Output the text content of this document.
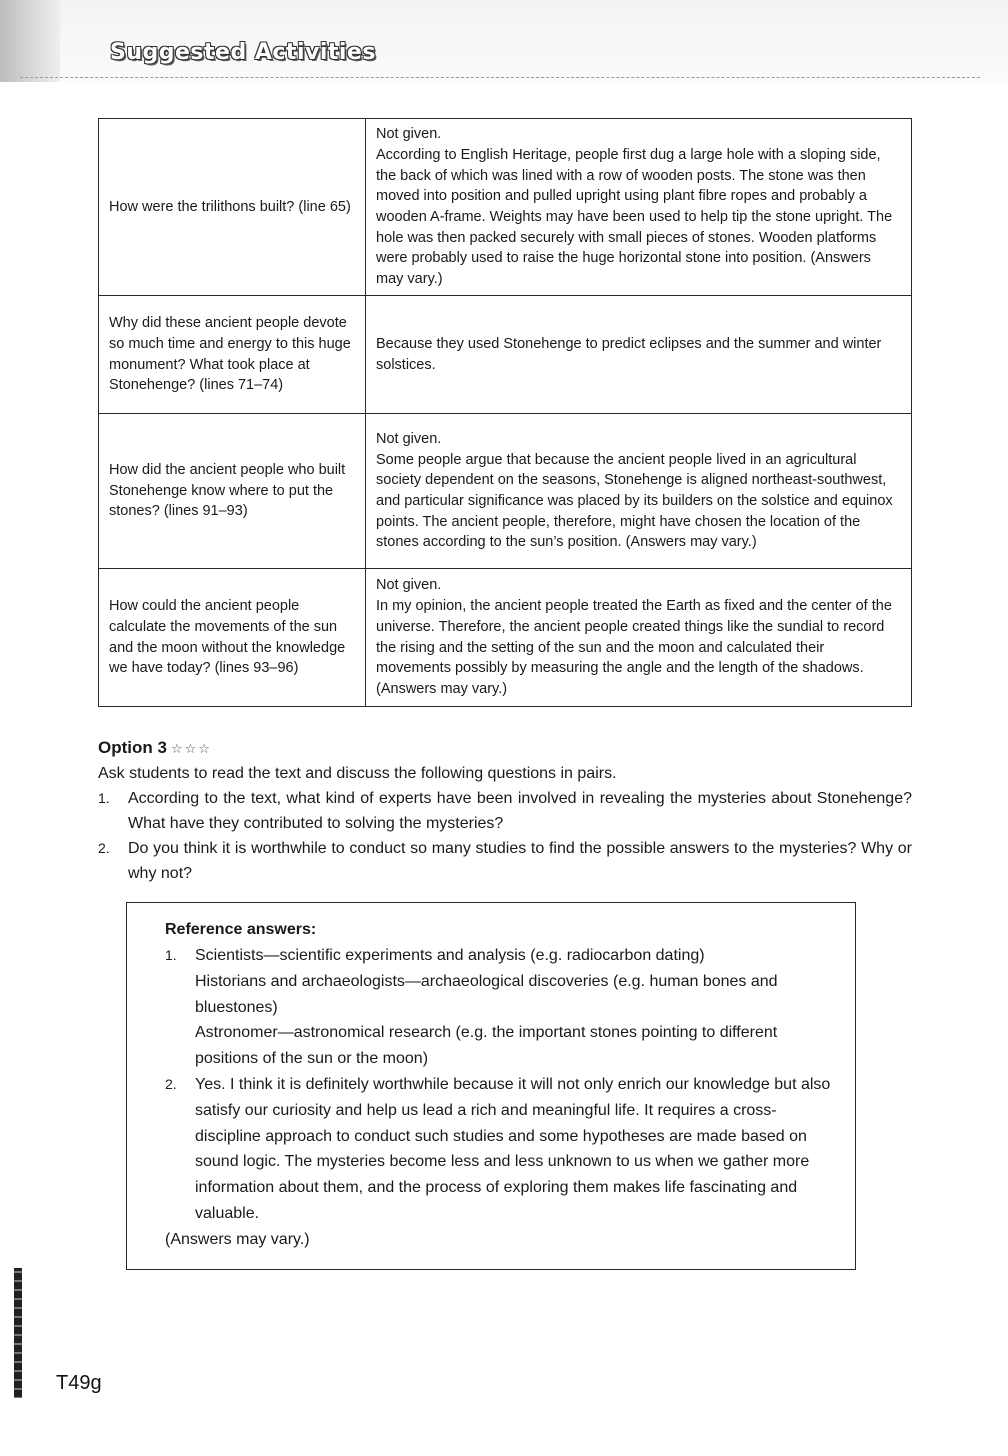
Suggested Activities
How were the trilithons built? (line 65)	Not given.
According to English Heritage, people first dug a large hole with a sloping side, the back of which was lined with a row of wooden posts. The stone was then moved into position and pulled upright using plant fibre ropes and probably a wooden A-frame. Weights may have been used to help tip the stone upright. The hole was then packed securely with small pieces of stones. Wooden platforms were probably used to raise the huge horizontal stone into position. (Answers may vary.)

Why did these ancient people devote so much time and energy to this huge monument? What took place at Stonehenge? (lines 71–74)	Because they used Stonehenge to predict eclipses and the summer and winter solstices.

How did the ancient people who built Stonehenge know where to put the stones? (lines 91–93)	Not given.
Some people argue that because the ancient people lived in an agricultural society dependent on the seasons, Stonehenge is aligned northeast-southwest, and particular significance was placed by its builders on the solstice and equinox points. The ancient people, therefore, might have chosen the location of the stones according to the sun’s position. (Answers may vary.)

How could the ancient people calculate the movements of the sun and the moon without the knowledge we have today? (lines 93–96)	Not given.
In my opinion, the ancient people treated the Earth as fixed and the center of the universe. Therefore, the ancient people created things like the sundial to record the rising and the setting of the sun and the moon and calculated their movements possibly by measuring the angle and the length of the shadows. (Answers may vary.)
Option 3 ☆☆☆
Ask students to read the text and discuss the following questions in pairs.
1. According to the text, what kind of experts have been involved in revealing the mysteries about Stonehenge? What have they contributed to solving the mysteries?
2. Do you think it is worthwhile to conduct so many studies to find the possible answers to the mysteries? Why or why not?
Reference answers:
1. Scientists—scientific experiments and analysis (e.g. radiocarbon dating)
Historians and archaeologists—archaeological discoveries (e.g. human bones and bluestones)
Astronomer—astronomical research (e.g. the important stones pointing to different positions of the sun or the moon)
2. Yes. I think it is definitely worthwhile because it will not only enrich our knowledge but also satisfy our curiosity and help us lead a rich and meaningful life. It requires a cross-discipline approach to conduct such studies and some hypotheses are made based on sound logic. The mysteries become less and less unknown to us when we gather more information about them, and the process of exploring them makes life fascinating and valuable.
(Answers may vary.)
T49g
